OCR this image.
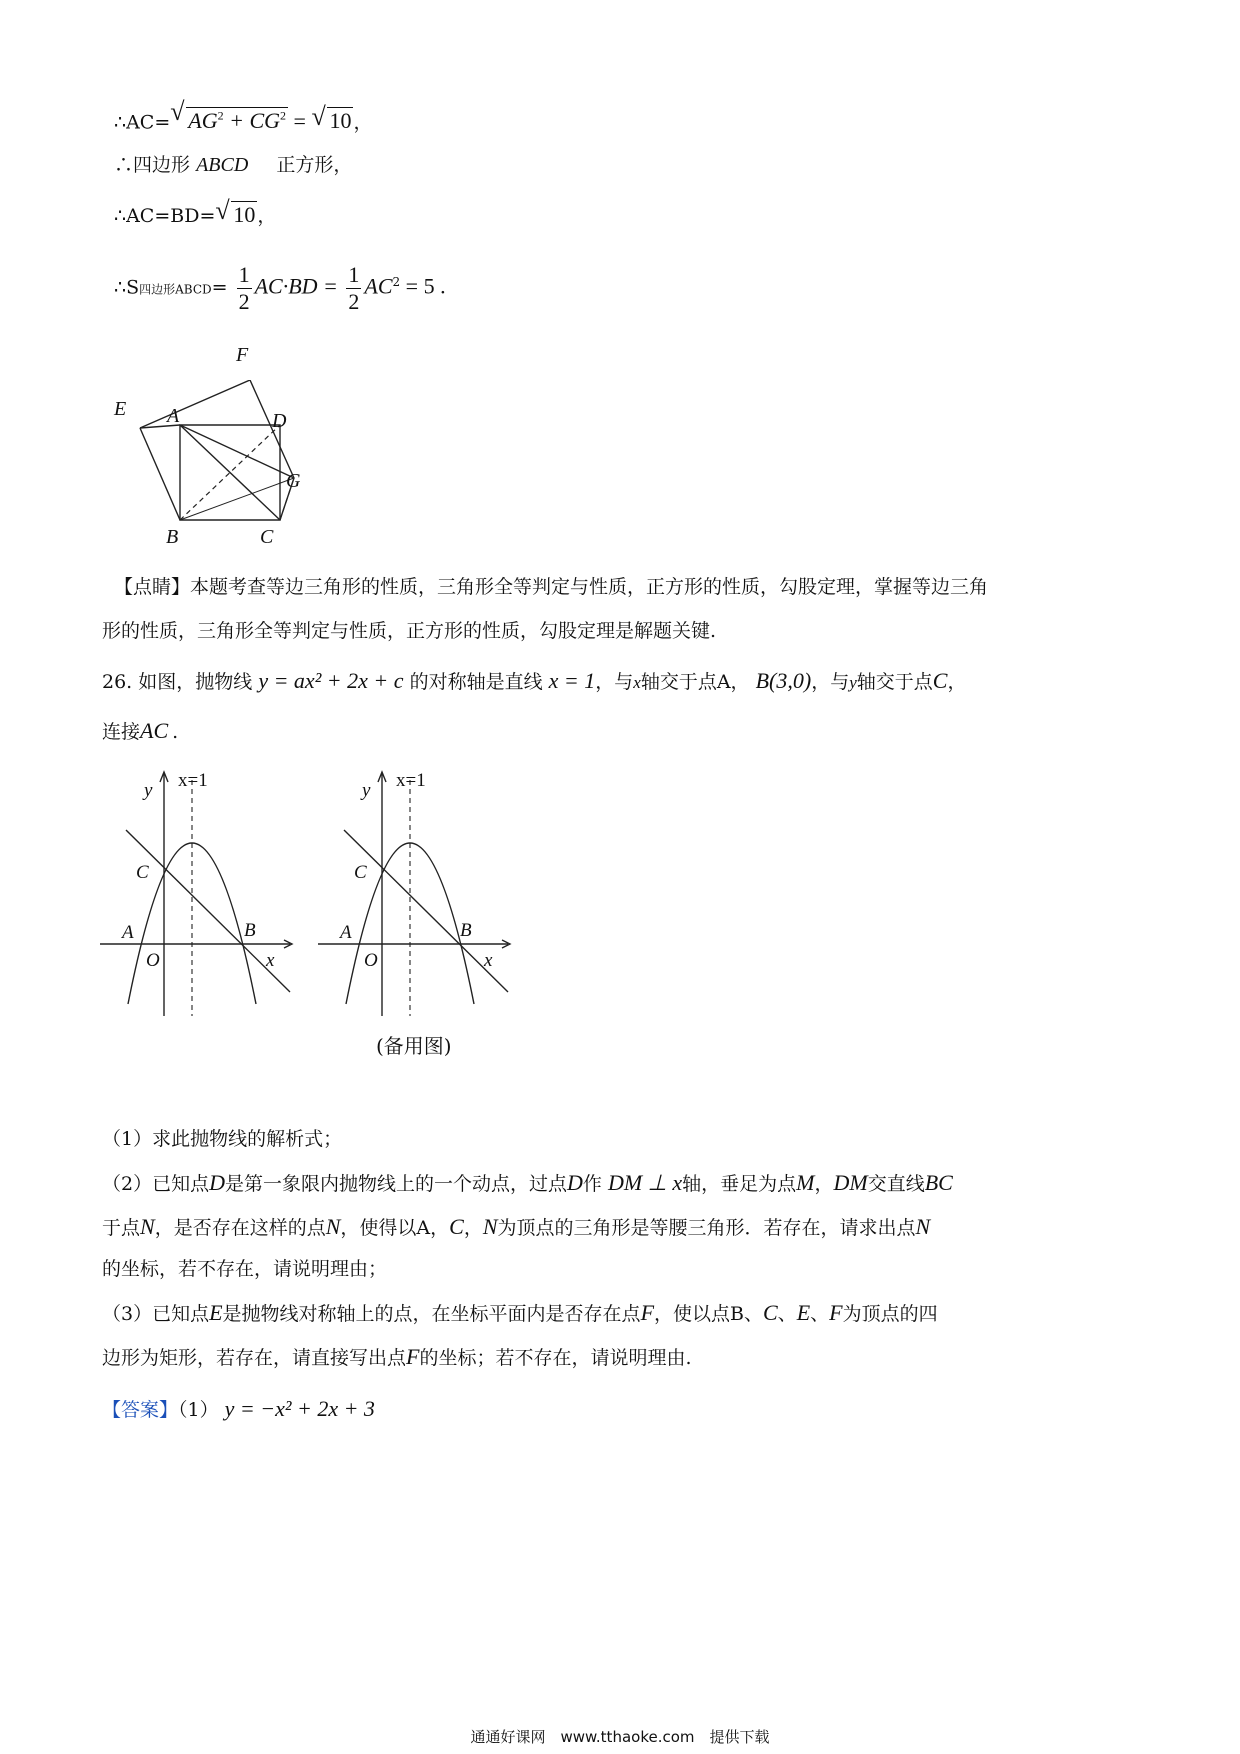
∴AC= √ $AG^2 + CG^2$ = √ 10 ，
∴四边形 ABCD 正方形，
∴AC=BD= √ 10 ，
∴S四边形ABCD= $\frac{1}{2} AC\cdot BD = \frac{1}{2} AC^2 = 5$ .
F
E A	D
G
B	C
【点睛】本题考查等边三角形的性质，三角形全等判定与性质，正方形的性质，勾股定理，掌握等边三角
形的性质，三角形全等判定与性质，正方形的性质，勾股定理是解题关键.
26. 如图，抛物线 y = ax² + 2x + c 的对称轴是直线 x = 1，与x轴交于点A， B(3,0)，与y轴交于点C，
连接AC .
x=1
y
C
A	B
O	x
x=1
y
C
A	B
O	x
(备用图)
（1）求此抛物线的解析式；
（2）已知点D是第一象限内抛物线上的一个动点，过点D作 DM ⊥ x轴，垂足为点M，DM交直线BC
于点N，是否存在这样的点N，使得以A，C，N为顶点的三角形是等腰三角形．若存在，请求出点N
的坐标，若不存在，请说明理由；
（3）已知点E是抛物线对称轴上的点，在坐标平面内是否存在点F，使以点B、C、E、F为顶点的四
边形为矩形，若存在，请直接写出点F的坐标；若不存在，请说明理由.
【答案】（1） y = −x² + 2x + 3
通通好课网　www.tthaoke.com　提供下载
